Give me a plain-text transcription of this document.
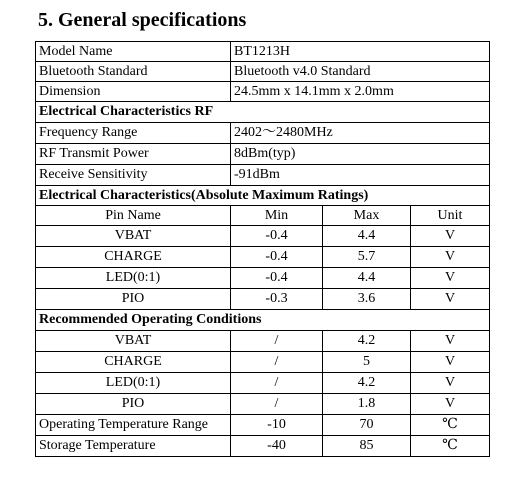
5. General specifications
Model Name	BT1213H		
Bluetooth Standard	Bluetooth v4.0 Standard		
Dimension	24.5mm x 14.1mm x 2.0mm		
Electrical Characteristics RF			
Frequency Range	2402～2480MHz		
RF Transmit Power	8dBm(typ)		
Receive Sensitivity	-91dBm		
Electrical Characteristics(Absolute Maximum Ratings)			
Pin Name	Min	Max	Unit
VBAT	-0.4	4.4	V
CHARGE	-0.4	5.7	V
LED(0:1)	-0.4	4.4	V
PIO	-0.3	3.6	V
Recommended Operating Conditions			
VBAT	/	4.2	V
CHARGE	/	5	V
LED(0:1)	/	4.2	V
PIO	/	1.8	V
Operating Temperature Range	-10	70	℃
Storage Temperature	-40	85	℃
